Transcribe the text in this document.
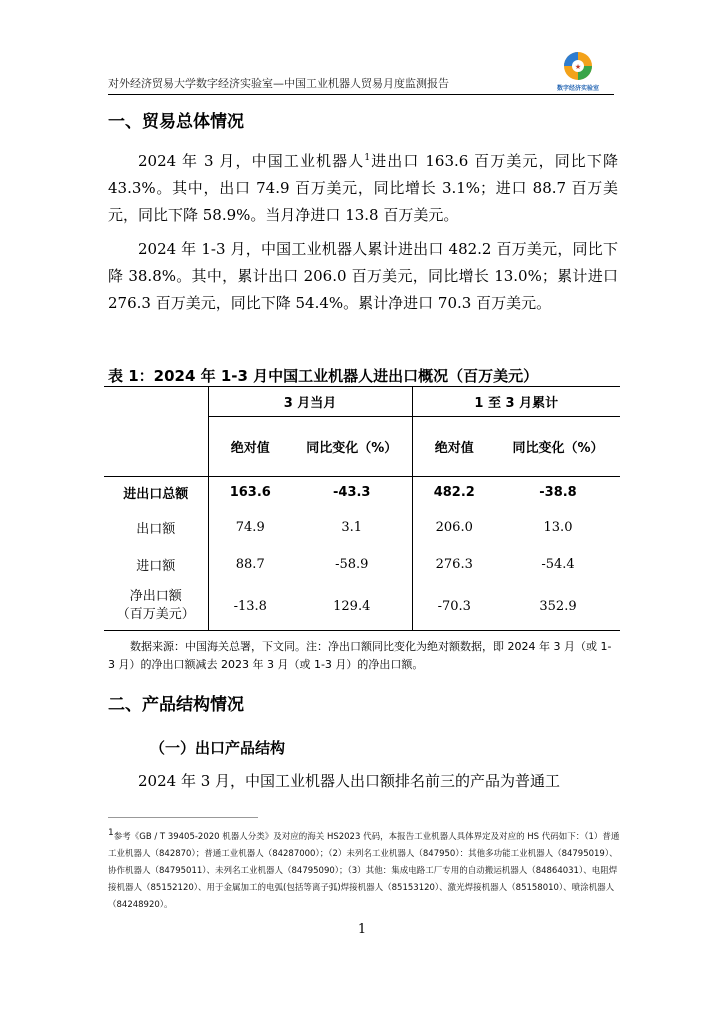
对外经济贸易大学数字经济实验室—中国工业机器人贸易月度监测报告
★
数字经济实验室
一、贸易总体情况

2024 年 3 月，中国工业机器人$^1$进出口 163.6 百万美元，同比下降 43.3%。其中，出口 74.9 百万美元，同比增长 3.1%；进口 88.7 百万美元，同比下降 58.9%。当月净进口 13.8 百万美元。

2024 年 1-3 月，中国工业机器人累计进出口 482.2 百万美元，同比下降 38.8%。其中，累计出口 206.0 百万美元，同比增长 13.0%；累计进口 276.3 百万美元，同比下降 54.4%。累计净进口 70.3 百万美元。

表 1：2024 年 1-3 月中国工业机器人进出口概况（百万美元）
	3 月当月		1 至 3 月累计	
	绝对值	同比变化（%）	绝对值	同比变化（%）
进出口总额	163.6	-43.3	482.2	-38.8
出口额	74.9	3.1	206.0	13.0
进口额	88.7	-58.9	276.3	-54.4

净出口额
（百万美元）	-13.8	129.4	-70.3	352.9

数据来源：中国海关总署，下文同。注：净出口额同比变化为绝对额数据，即 2024 年 3 月（或 1-3 月）的净出口额减去 2023 年 3 月（或 1-3 月）的净出口额。

二、产品结构情况
（一）出口产品结构

2024 年 3 月，中国工业机器人出口额排名前三的产品为普通工

$^1$参考《GB / T 39405-2020 机器人分类》及对应的海关 HS2023 代码，本报告工业机器人具体界定及对应的 HS 代码如下：（1）普通工业机器人（842870）；普通工业机器人（84287000）；（2）未列名工业机器人（847950）：其他多功能工业机器人（84795019）、协作机器人（84795011）、未列名工业机器人（84795090）；（3）其他：集成电路工厂专用的自动搬运机器人（84864031）、电阻焊接机器人（85152120）、用于金属加工的电弧(包括等离子弧)焊接机器人（85153120）、激光焊接机器人（85158010）、喷涂机器人（84248920）。

1
